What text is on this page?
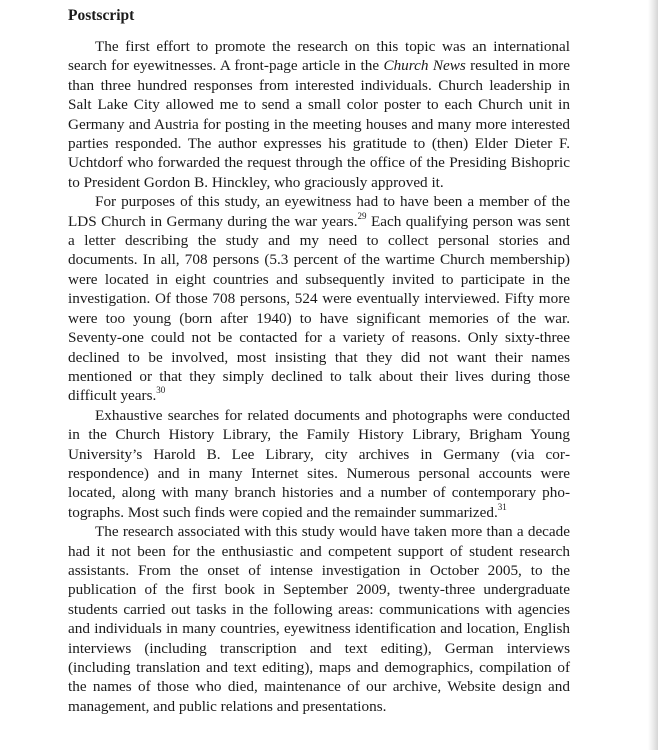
Postscript

The first effort to promote the research on this topic was an international search for eyewitnesses. A front-page article in the Church News resulted in more than three hundred responses from interested individuals. Church leadership in Salt Lake City allowed me to send a small color poster to each Church unit in Germany and Austria for posting in the meeting houses and many more interested parties responded. The author expresses his gratitude to (then) Elder Dieter F. Uchtdorf who forwarded the request through the office of the Presiding Bishopric to President Gordon B. Hinckley, who graciously approved it.

For purposes of this study, an eyewitness had to have been a member of the LDS Church in Germany during the war years.$^{29}$ Each qualifying person was sent a letter describing the study and my need to collect personal stories and documents. In all, 708 persons (5.3 percent of the wartime Church membership) were located in eight countries and subsequently invited to participate in the investigation. Of those 708 persons, 524 were eventually interviewed. Fifty more were too young (born after 1940) to have significant memories of the war. Seventy-one could not be contacted for a variety of reasons. Only sixty-three declined to be involved, most insisting that they did not want their names mentioned or that they simply declined to talk about their lives during those difficult years.$^{30}$

Exhaustive searches for related documents and photographs were conducted in the Church History Library, the Family History Library, Brigham Young University’s Harold B. Lee Library, city archives in Germany (via correspondence) and in many Internet sites. Numerous personal accounts were located, along with many branch histories and a number of contemporary photographs. Most such finds were copied and the remainder summarized.$^{31}$

The research associated with this study would have taken more than a decade had it not been for the enthusiastic and competent support of student research assistants. From the onset of intense investigation in October 2005, to the publication of the first book in September 2009, twenty-three undergraduate students carried out tasks in the following areas: communications with agencies and individuals in many countries, eyewitness identification and location, English interviews (including transcription and text editing), German interviews (including translation and text editing), maps and demographics, compilation of the names of those who died, maintenance of our archive, Website design and management, and public relations and presentations.
